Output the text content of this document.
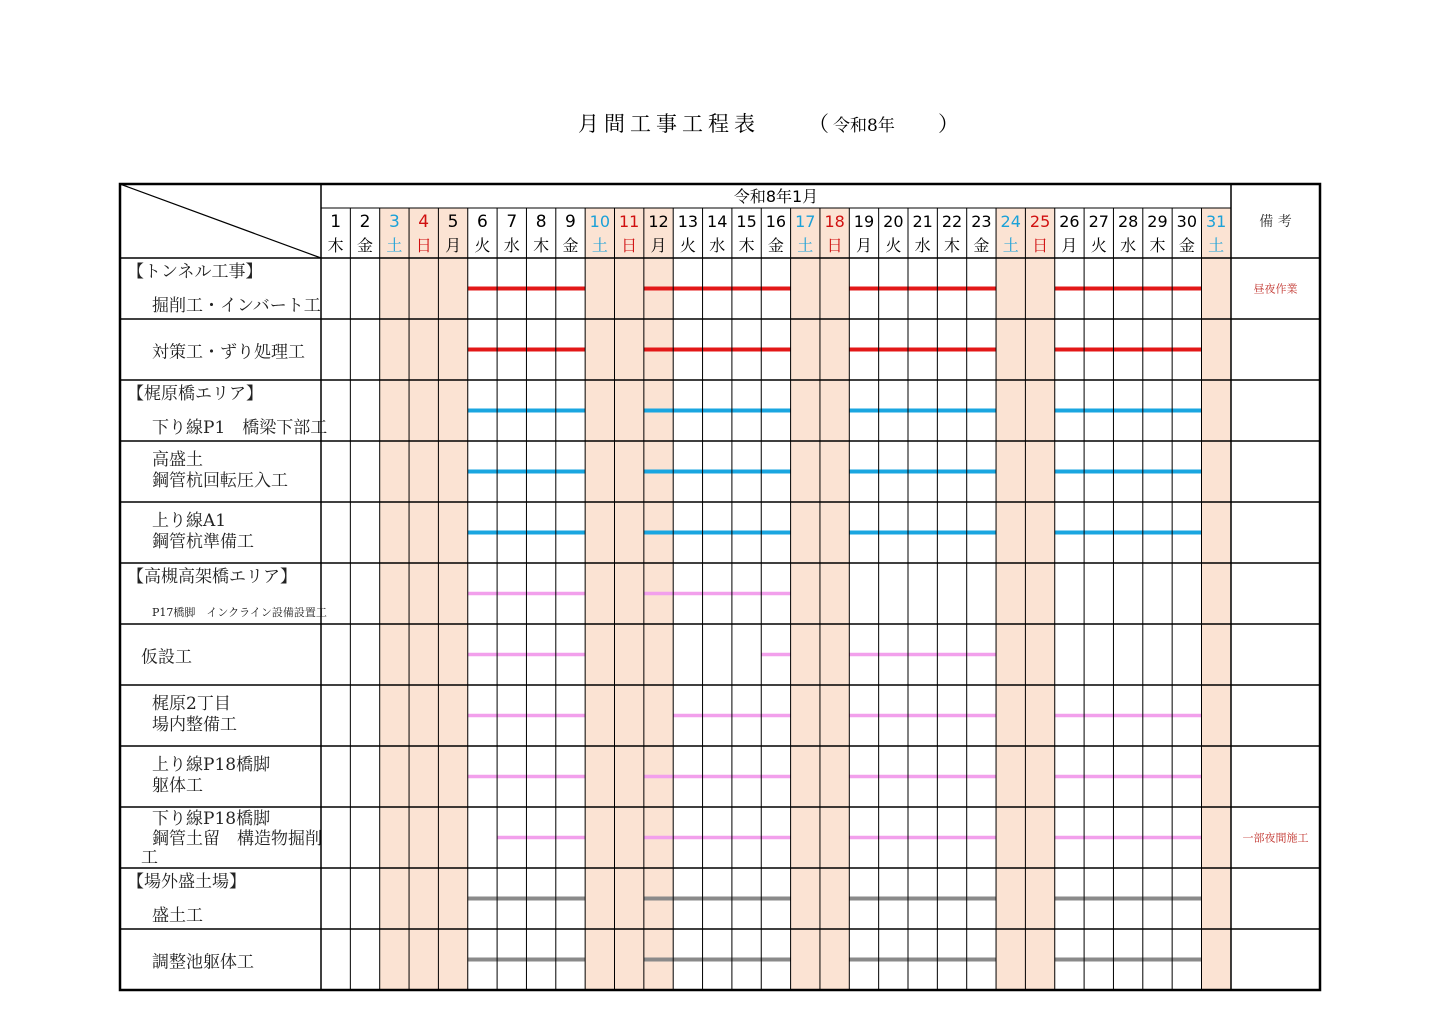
月間工事工程表 （ 令和8年 ）
令和8年1月
備 考
1
木
2
金
3
土
4
日
5
月
6
火
7
水
8
木
9
金
10
土
11
日
12
月
13
火
14
水
15
木
16
金
17
土
18
日
19
月
20
火
21
水
22
木
23
金
24
土
25
日
26
月
27
火
28
水
29
木
30
金
31
土
【トンネル工事】
掘削工・インバート工
昼夜作業
対策工・ずり処理工
【梶原橋エリア】
下り線P1　橋梁下部工
高盛土
鋼管杭回転圧入工
上り線A1
鋼管杭準備工
【高槻高架橋エリア】
P17橋脚　インクライン設備設置工
仮設工
梶原2丁目
場内整備工
上り線P18橋脚
躯体工
下り線P18橋脚
鋼管土留　構造物掘削
工
一部夜間施工
【場外盛土場】
盛土工
調整池躯体工
